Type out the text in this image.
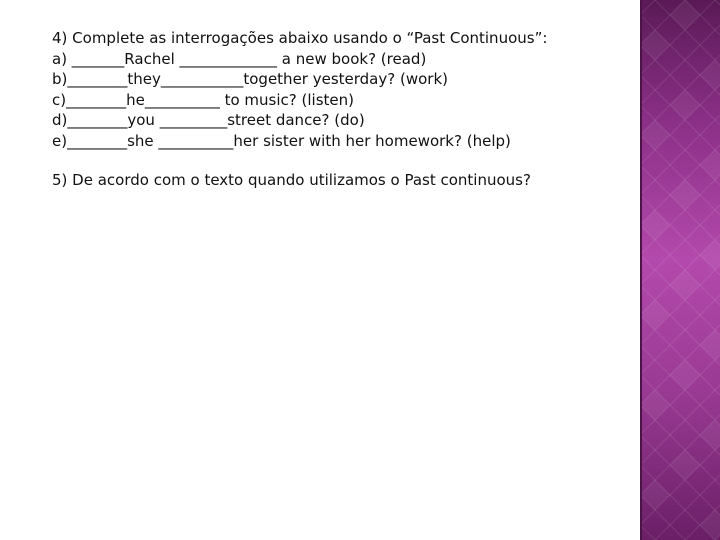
4) Complete as interrogações abaixo usando o “Past Continuous”:
a) _______Rachel _____________ a new book? (read)
b)________they___________together yesterday? (work)
c)________he__________ to music? (listen)
d)________you _________street dance? (do)
e)________she __________her sister with her homework? (help)
5) De acordo com o texto quando utilizamos o Past continuous?
